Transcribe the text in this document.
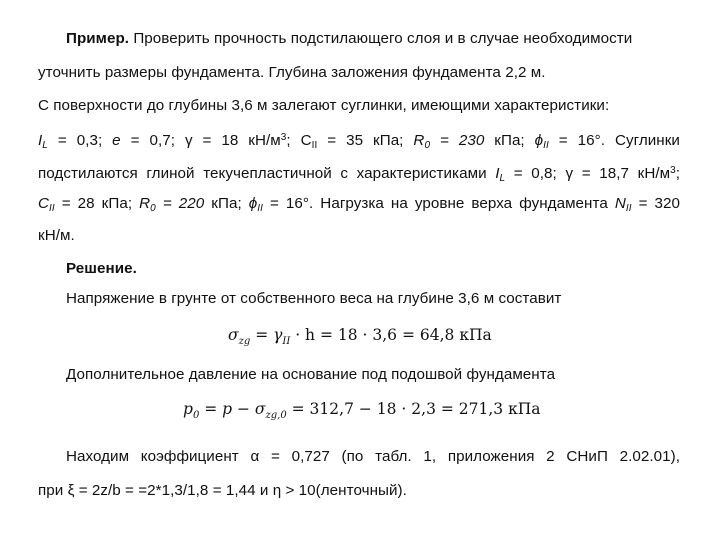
Пример. Проверить прочность подстилающего слоя и в случае необходимости
уточнить размеры фундамента. Глубина заложения фундамента 2,2 м.
С поверхности до глубины 3,6 м залегают суглинки, имеющими характеристики:
$I_L = 0,3$; e = 0,7; γ = 18 $кН/м^3$; $C_{II} = 35$ кПа; $R_0 = 230$ кПа; $\phi_{II} = 16^\circ$. Суглинки
подстилаются глиной текучепластичной с характеристиками $I_L = 0,8$; γ = 18,7 $кН/м^3$;
$C_{II} = 28$ кПа; $R_0 = 220$ кПа; $\phi_{II} = 16^\circ$. Нагрузка на уровне верха фундамента $N_{II} = 320$
кН/м.
Решение.
Напряжение в грунте от собственного веса на глубине 3,6 м составит
$\sigma_{zg} = \gamma_{II} \cdot h = 18 \cdot 3,6 = 64,8$ кПа
Дополнительное давление на основание под подошвой фундамента
$p_0 = p - \sigma_{zg,0} = 312,7 - 18 \cdot 2,3 = 271,3$ кПа
Находим коэффициент α = 0,727 (по табл. 1, приложения 2 СНиП 2.02.01),
при ξ = 2z/b = =2*1,3/1,8 = 1,44 и η > 10(ленточный).
